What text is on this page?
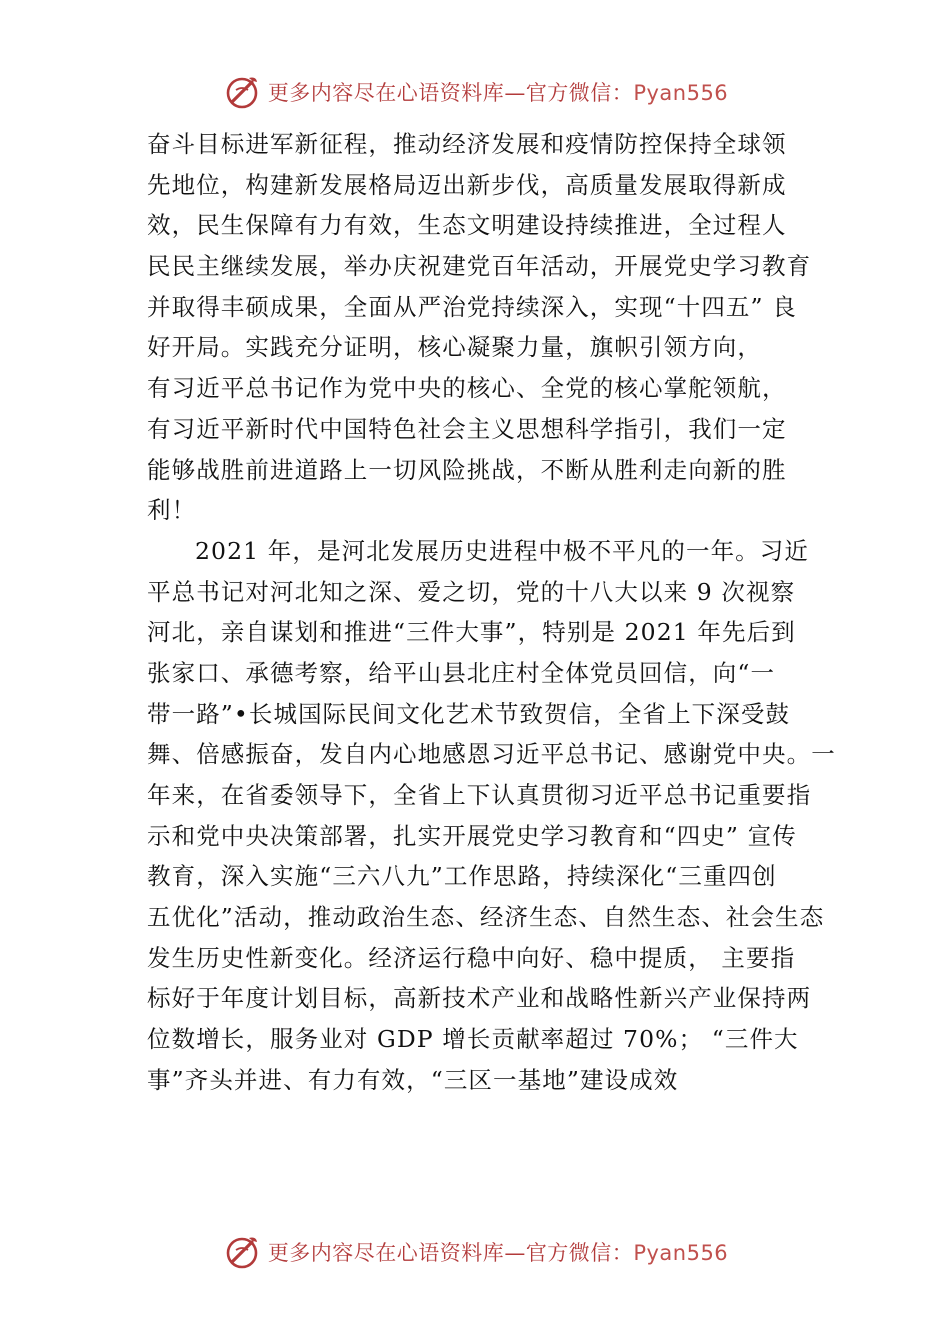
更多内容尽在心语资料库—官方微信：Pyan556
奋斗目标进军新征程，推动经济发展和疫情防控保持全球领
先地位，构建新发展格局迈出新步伐，高质量发展取得新成
效，民生保障有力有效，生态文明建设持续推进，全过程人
民民主继续发展，举办庆祝建党百年活动，开展党史学习教育
并取得丰硕成果，全面从严治党持续深入，实现“十四五” 良
好开局。实践充分证明，核心凝聚力量，旗帜引领方向，
有习近平总书记作为党中央的核心、全党的核心掌舵领航，
有习近平新时代中国特色社会主义思想科学指引，我们一定
能够战胜前进道路上一切风险挑战，不断从胜利走向新的胜
利！
2021 年，是河北发展历史进程中极不平凡的一年。习近
平总书记对河北知之深、爱之切，党的十八大以来 9 次视察
河北，亲自谋划和推进“三件大事”，特别是 2021 年先后到
张家口、承德考察，给平山县北庄村全体党员回信，向“一
带一路”•长城国际民间文化艺术节致贺信，全省上下深受鼓
舞、倍感振奋，发自内心地感恩习近平总书记、感谢党中央。一
年来，在省委领导下，全省上下认真贯彻习近平总书记重要指
示和党中央决策部署，扎实开展党史学习教育和“四史” 宣传
教育，深入实施“三六八九”工作思路，持续深化“三重四创
五优化”活动，推动政治生态、经济生态、自然生态、社会生态
发生历史性新变化。经济运行稳中向好、稳中提质， 主要指
标好于年度计划目标，高新技术产业和战略性新兴产业保持两
位数增长，服务业对 GDP 增长贡献率超过 70%； “三件大
事”齐头并进、有力有效，“三区一基地”建设成效
更多内容尽在心语资料库—官方微信：Pyan556
